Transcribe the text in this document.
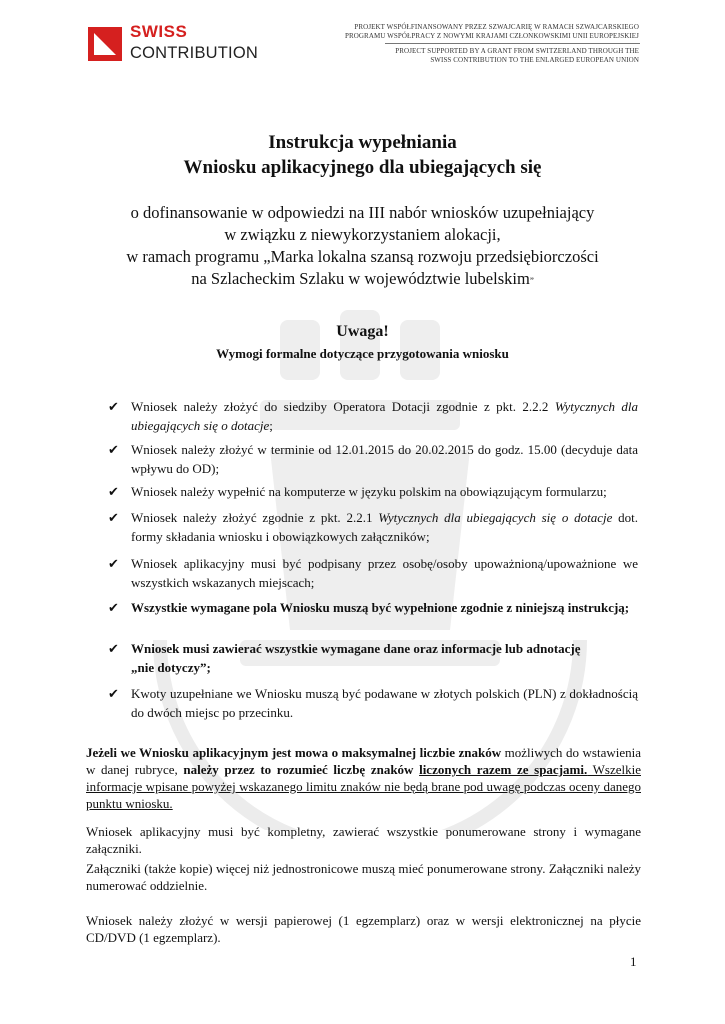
SWISS
CONTRIBUTION
PROJEKT WSPÓŁFINANSOWANY PRZEZ SZWAJCARIĘ W RAMACH SZWAJCARSKIEGO
PROGRAMU WSPÓŁPRACY Z NOWYMI KRAJAMI CZŁONKOWSKIMI UNII EUROPEJSKIEJ
PROJECT SUPPORTED BY A GRANT FROM SWITZERLAND THROUGH THE
SWISS CONTRIBUTION TO THE ENLARGED EUROPEAN UNION
Instrukcja wypełniania
Wniosku aplikacyjnego dla ubiegających się
o dofinansowanie w odpowiedzi na III nabór wniosków uzupełniający
w związku z niewykorzystaniem alokacji,
w ramach programu „Marka lokalna szansą rozwoju przedsiębiorczości
na Szlacheckim Szlaku w województwie lubelskim”
Uwaga!
Wymogi formalne dotyczące przygotowania wniosku
✔ Wniosek należy złożyć do siedziby Operatora Dotacji zgodnie z pkt. 2.2.2 Wytycznych dla ubiegających się o dotacje;
✔ Wniosek należy złożyć w terminie od 12.01.2015 do 20.02.2015 do godz. 15.00 (decyduje data wpływu do OD);
✔ Wniosek należy wypełnić na komputerze w języku polskim na obowiązującym formularzu;
✔ Wniosek należy złożyć zgodnie z pkt. 2.2.1 Wytycznych dla ubiegających się o dotacje dot. formy składania wniosku i obowiązkowych załączników;
✔ Wniosek aplikacyjny musi być podpisany przez osobę/osoby upoważnioną/upoważnione we wszystkich wskazanych miejscach;
✔ Wszystkie wymagane pola Wniosku muszą być wypełnione zgodnie z niniejszą instrukcją;
✔ Wniosek musi zawierać wszystkie wymagane dane oraz informacje lub adnotację „nie dotyczy”;
✔ Kwoty uzupełniane we Wniosku muszą być podawane w złotych polskich (PLN) z dokładnością do dwóch miejsc po przecinku.
Jeżeli we Wniosku aplikacyjnym jest mowa o maksymalnej liczbie znaków możliwych do wstawienia w danej rubryce, należy przez to rozumieć liczbę znaków liczonych razem ze spacjami. Wszelkie informacje wpisane powyżej wskazanego limitu znaków nie będą brane pod uwagę podczas oceny danego punktu wniosku.
Wniosek aplikacyjny musi być kompletny, zawierać wszystkie ponumerowane strony i wymagane załączniki.
Załączniki (także kopie) więcej niż jednostronicowe muszą mieć ponumerowane strony. Załączniki należy numerować oddzielnie.
Wniosek należy złożyć w wersji papierowej (1 egzemplarz) oraz w wersji elektronicznej na płycie CD/DVD (1 egzemplarz).
1
